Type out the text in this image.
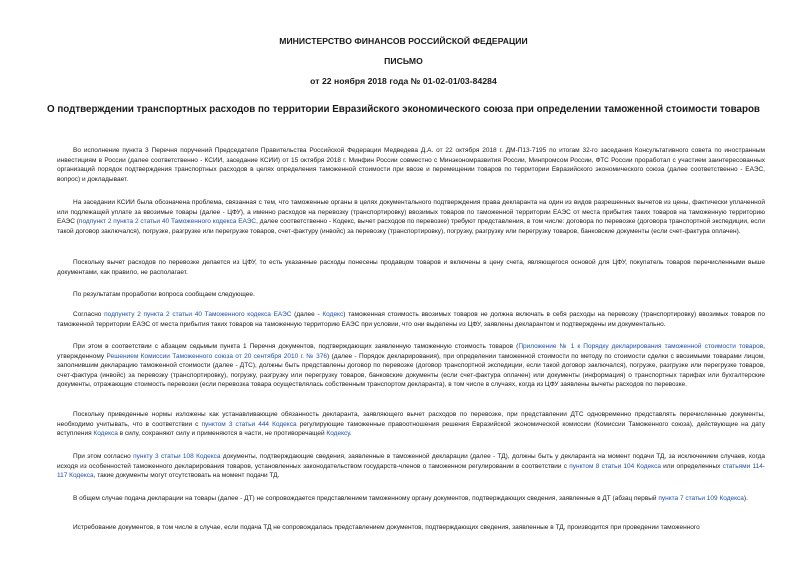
МИНИСТЕРСТВО ФИНАНСОВ РОССИЙСКОЙ ФЕДЕРАЦИИ
ПИСЬМО
от 22 ноября 2018 года № 01-02-01/03-84284
О подтверждении транспортных расходов по территории Евразийского экономического союза при определении таможенной стоимости товаров

Во исполнение пункта 3 Перечня поручений Председателя Правительства Российской Федерации Медведева Д.А. от 22 октября 2018 г. ДМ-П13-7195 по итогам 32-го заседания Консультативного совета по иностранным инвестициям в России (далее соответственно - КСИИ, заседание КСИИ) от 15 октября 2018 г. Минфин России совместно с Минэкономразвития России, Минпромсом России, ФТС России проработал с участием заинтересованных организаций порядок подтверждения транспортных расходов в целях определения таможенной стоимости при ввозе и перемещении товаров по территории Евразийского экономического союза (далее соответственно - ЕАЭС, вопрос) и докладывает.

На заседании КСИИ была обозначена проблема, связанная с тем, что таможенные органы в целях документального подтверждения права декларанта на один из видов разрешенных вычетов из цены, фактически уплаченной или подлежащей уплате за ввозимые товары (далее - ЦФУ), а именно расходов на перевозку (транспортировку) ввозимых товаров по таможенной территории ЕАЭС от места прибытия таких товаров на таможенную территорию ЕАЭС (подпункт 2 пункта 2 статьи 40 Таможенного кодекса ЕАЭС, далее соответственно - Кодекс, вычет расходов по перевозке) требуют представления, в том числе: договора по перевозке (договора транспортной экспедиции, если такой договор заключался), погрузке, разгрузке или перегрузке товаров, счет-фактуру (инвойс) за перевозку (транспортировку), погрузку, разгрузку или перегрузку товаров, банковские документы (если счет-фактура оплачен).

Поскольку вычет расходов по перевозке делается из ЦФУ, то есть указанные расходы понесены продавцом товаров и включены в цену счета, являющегося основой для ЦФУ, покупатель товаров перечисленными выше документами, как правило, не располагает.

По результатам проработки вопроса сообщаем следующее.

Согласно подпункту 2 пункта 2 статьи 40 Таможенного кодекса ЕАЭС (далее - Кодекс) таможенная стоимость ввозимых товаров не должна включать в себя расходы на перевозку (транспортировку) ввозимых товаров по таможенной территории ЕАЭС от места прибытия таких товаров на таможенную территорию ЕАЭС при условии, что они выделены из ЦФУ, заявлены декларантом и подтверждены им документально.

При этом в соответствии с абзацем седьмым пункта 1 Перечня документов, подтверждающих заявленную таможенную стоимость товаров (Приложение № 1 к Порядку декларирования таможенной стоимости товаров, утвержденному Решением Комиссии Таможенного союза от 20 сентября 2010 г. № 376) (далее - Порядок декларирования), при определении таможенной стоимости по методу по стоимости сделки с ввозимыми товарами лицом, заполнившим декларацию таможенной стоимости (далее - ДТС), должны быть представлены договор по перевозке (договор транспортной экспедиции, если такой договор заключался), погрузке, разгрузке или перегрузке товаров, счет-фактура (инвойс) за перевозку (транспортировку), погрузку, разгрузку или перегрузку товаров, банковские документы (если счет-фактура оплачен) или документы (информация) о транспортных тарифах или бухгалтерские документы, отражающие стоимость перевозки (если перевозка товара осуществлялась собственным транспортом декларанта), в том числе в случаях, когда из ЦФУ заявлены вычеты расходов по перевозке.

Поскольку приведенные нормы изложены как устанавливающие обязанность декларанта, заявляющего вычет расходов по перевозке, при представлении ДТС одновременно представлять перечисленные документы, необходимо учитывать, что в соответствии с пунктом 3 статьи 444 Кодекса регулирующие таможенные правоотношения решения Евразийской экономической комиссии (Комиссии Таможенного союза), действующие на дату вступления Кодекса в силу, сохраняют силу и применяются в части, не противоречащей Кодексу.

При этом согласно пункту 3 статьи 108 Кодекса документы, подтверждающие сведения, заявленные в таможенной декларации (далее - ТД), должны быть у декларанта на момент подачи ТД, за исключением случаев, когда исходя из особенностей таможенного декларирования товаров, установленных законодательством государств-членов о таможенном регулировании в соответствии с пунктом 8 статьи 104 Кодекса или определенных статьями 114-117 Кодекса, такие документы могут отсутствовать на момент подачи ТД.

В общем случае подача декларации на товары (далее - ДТ) не сопровождается представлением таможенному органу документов, подтверждающих сведения, заявленные в ДТ (абзац первый пункта 7 статьи 109 Кодекса).

Истребование документов, в том числе в случае, если подача ТД не сопровождалась представлением документов, подтверждающих сведения, заявленные в ТД, производится при проведении таможенного
